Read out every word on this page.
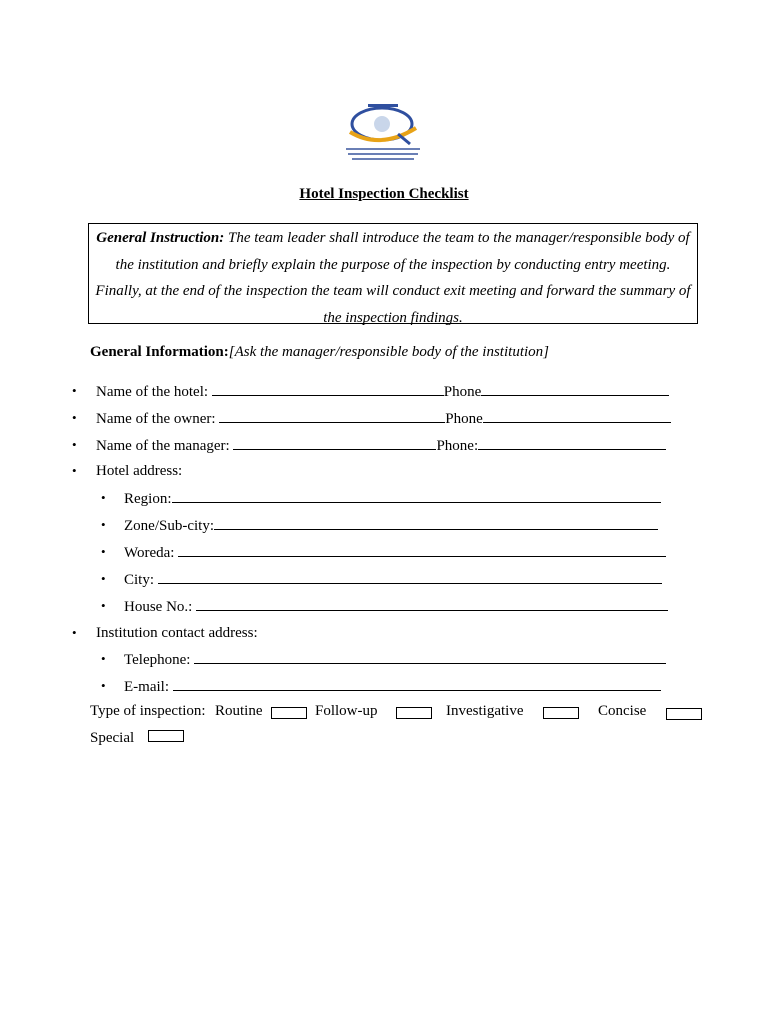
Hotel Inspection Checklist
General Instruction: The team leader shall introduce the team to the manager/responsible body of the institution and briefly explain the purpose of the inspection by conducting entry meeting. Finally, at the end of the inspection the team will conduct exit meeting and forward the summary of the inspection findings.
General Information:[Ask the manager/responsible body of the institution]
• Name of the hotel:	Phone
• Name of the owner:	Phone
• Name of the manager:	Phone:
• Hotel address:
• Region:
• Zone/Sub-city:
• Woreda:
• City:
• House No.:
• Institution contact address:
• Telephone:
• E-mail:
Type of inspection: Routine	Follow-up	Investigative	Concise
Special
